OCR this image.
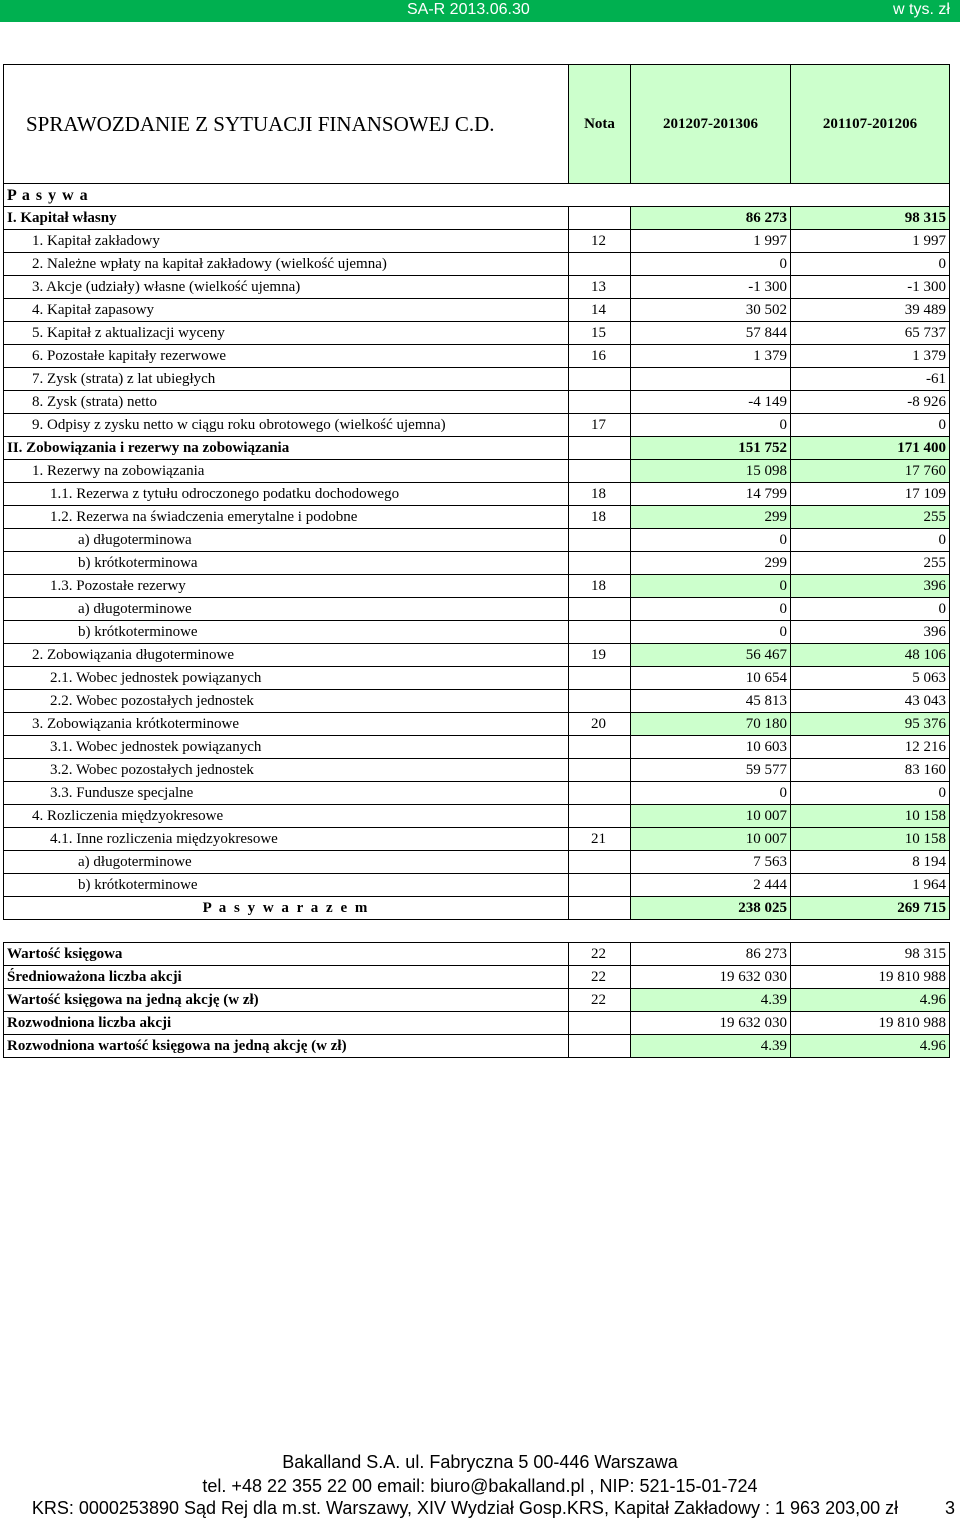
SA-R 2013.06.30	w tys. zł
SPRAWOZDANIE Z SYTUACJI FINANSOWEJ C.D.	Nota	201207-201306	201107-201206
P a s y w a			
I. Kapitał własny		86 273	98 315
1. Kapitał zakładowy	12	1 997	1 997
2. Należne wpłaty na kapitał zakładowy (wielkość ujemna)		0	0
3. Akcje (udziały) własne (wielkość ujemna)	13	-1 300	-1 300
4. Kapitał zapasowy	14	30 502	39 489
5. Kapitał z aktualizacji wyceny	15	57 844	65 737
6. Pozostałe kapitały rezerwowe	16	1 379	1 379
7. Zysk (strata) z lat ubiegłych			-61
8. Zysk (strata) netto		-4 149	-8 926
9. Odpisy z zysku netto w ciągu roku obrotowego (wielkość ujemna)	17	0	0
II. Zobowiązania i rezerwy na zobowiązania		151 752	171 400
1. Rezerwy na zobowiązania		15 098	17 760
1.1. Rezerwa z tytułu odroczonego podatku dochodowego	18	14 799	17 109
1.2. Rezerwa na świadczenia emerytalne i podobne	18	299	255
a) długoterminowa		0	0
b) krótkoterminowa		299	255
1.3. Pozostałe rezerwy	18	0	396
a) długoterminowe		0	0
b) krótkoterminowe		0	396
2. Zobowiązania długoterminowe	19	56 467	48 106
2.1. Wobec jednostek powiązanych		10 654	5 063
2.2. Wobec pozostałych jednostek		45 813	43 043
3. Zobowiązania krótkoterminowe	20	70 180	95 376
3.1. Wobec jednostek powiązanych		10 603	12 216
3.2. Wobec pozostałych jednostek		59 577	83 160
3.3. Fundusze specjalne		0	0
4. Rozliczenia międzyokresowe		10 007	10 158
4.1. Inne rozliczenia międzyokresowe	21	10 007	10 158
a) długoterminowe		7 563	8 194
b) krótkoterminowe		2 444	1 964
P a s y w a r a z e m		238 025	269 715

Wartość księgowa	22	86 273	98 315
Średnioważona liczba akcji	22	19 632 030	19 810 988
Wartość księgowa na jedną akcję (w zł)	22	4.39	4.96
Rozwodniona liczba akcji		19 632 030	19 810 988
Rozwodniona wartość księgowa na jedną akcję (w zł)		4.39	4.96
Bakalland S.A. ul. Fabryczna 5 00-446 Warszawa
tel. +48 22 355 22 00 email: biuro@bakalland.pl , NIP: 521-15-01-724
KRS: 0000253890 Sąd Rej dla m.st. Warszawy, XIV Wydział Gosp.KRS, Kapitał Zakładowy : 1 963 203,00 zł	3
